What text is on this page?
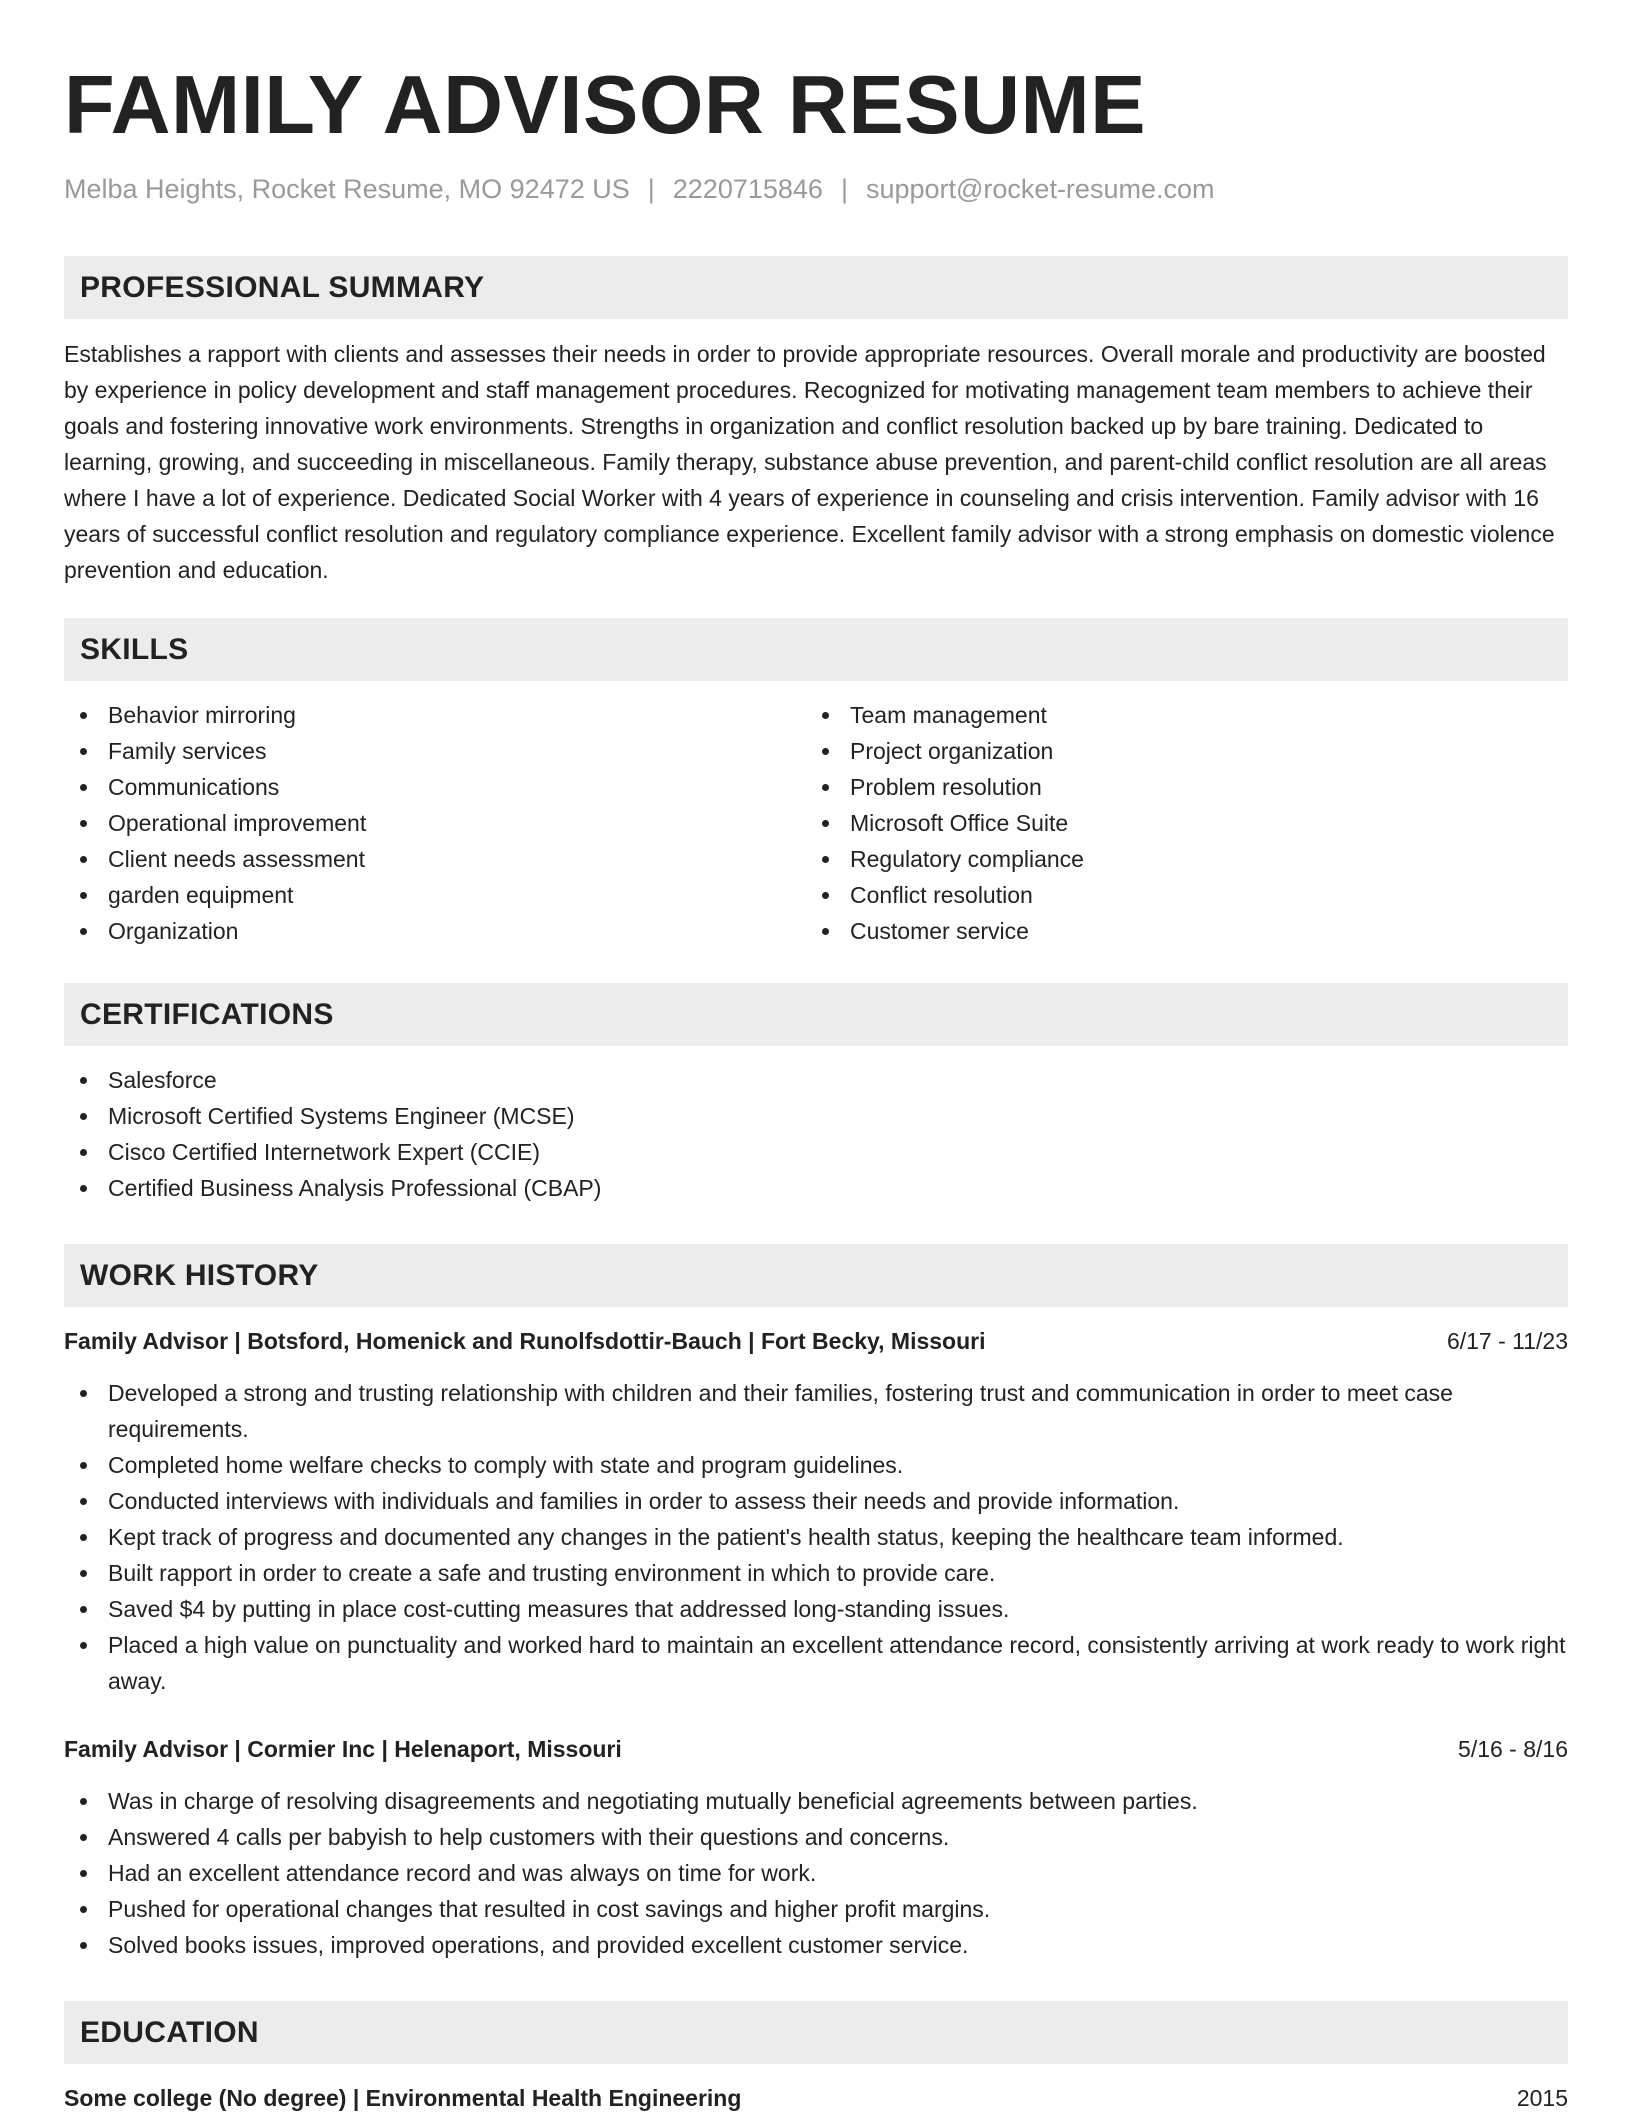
FAMILY ADVISOR RESUME
Melba Heights, Rocket Resume, MO 92472 US | 2220715846 | support@rocket-resume.com
PROFESSIONAL SUMMARY

Establishes a rapport with clients and assesses their needs in order to provide appropriate resources. Overall morale and productivity are boosted by experience in policy development and staff management procedures. Recognized for motivating management team members to achieve their goals and fostering innovative work environments. Strengths in organization and conflict resolution backed up by bare training. Dedicated to learning, growing, and succeeding in miscellaneous. Family therapy, substance abuse prevention, and parent-child conflict resolution are all areas where I have a lot of experience. Dedicated Social Worker with 4 years of experience in counseling and crisis intervention. Family advisor with 16 years of successful conflict resolution and regulatory compliance experience. Excellent family advisor with a strong emphasis on domestic violence prevention and education.

SKILLS
Behavior mirroring
Family services
Communications
Operational improvement
Client needs assessment
garden equipment
Organization
Team management
Project organization
Problem resolution
Microsoft Office Suite
Regulatory compliance
Conflict resolution
Customer service
CERTIFICATIONS
Salesforce
Microsoft Certified Systems Engineer (MCSE)
Cisco Certified Internetwork Expert (CCIE)
Certified Business Analysis Professional (CBAP)
WORK HISTORY
Family Advisor | Botsford, Homenick and Runolfsdottir-Bauch | Fort Becky, Missouri	6/17 - 11/23
Developed a strong and trusting relationship with children and their families, fostering trust and communication in order to meet case requirements.
Completed home welfare checks to comply with state and program guidelines.
Conducted interviews with individuals and families in order to assess their needs and provide information.
Kept track of progress and documented any changes in the patient's health status, keeping the healthcare team informed.
Built rapport in order to create a safe and trusting environment in which to provide care.
Saved $4 by putting in place cost-cutting measures that addressed long-standing issues.
Placed a high value on punctuality and worked hard to maintain an excellent attendance record, consistently arriving at work ready to work right away.
Family Advisor | Cormier Inc | Helenaport, Missouri	5/16 - 8/16
Was in charge of resolving disagreements and negotiating mutually beneficial agreements between parties.
Answered 4 calls per babyish to help customers with their questions and concerns.
Had an excellent attendance record and was always on time for work.
Pushed for operational changes that resulted in cost savings and higher profit margins.
Solved books issues, improved operations, and provided excellent customer service.
EDUCATION
Some college (No degree) | Environmental Health Engineering	2015
